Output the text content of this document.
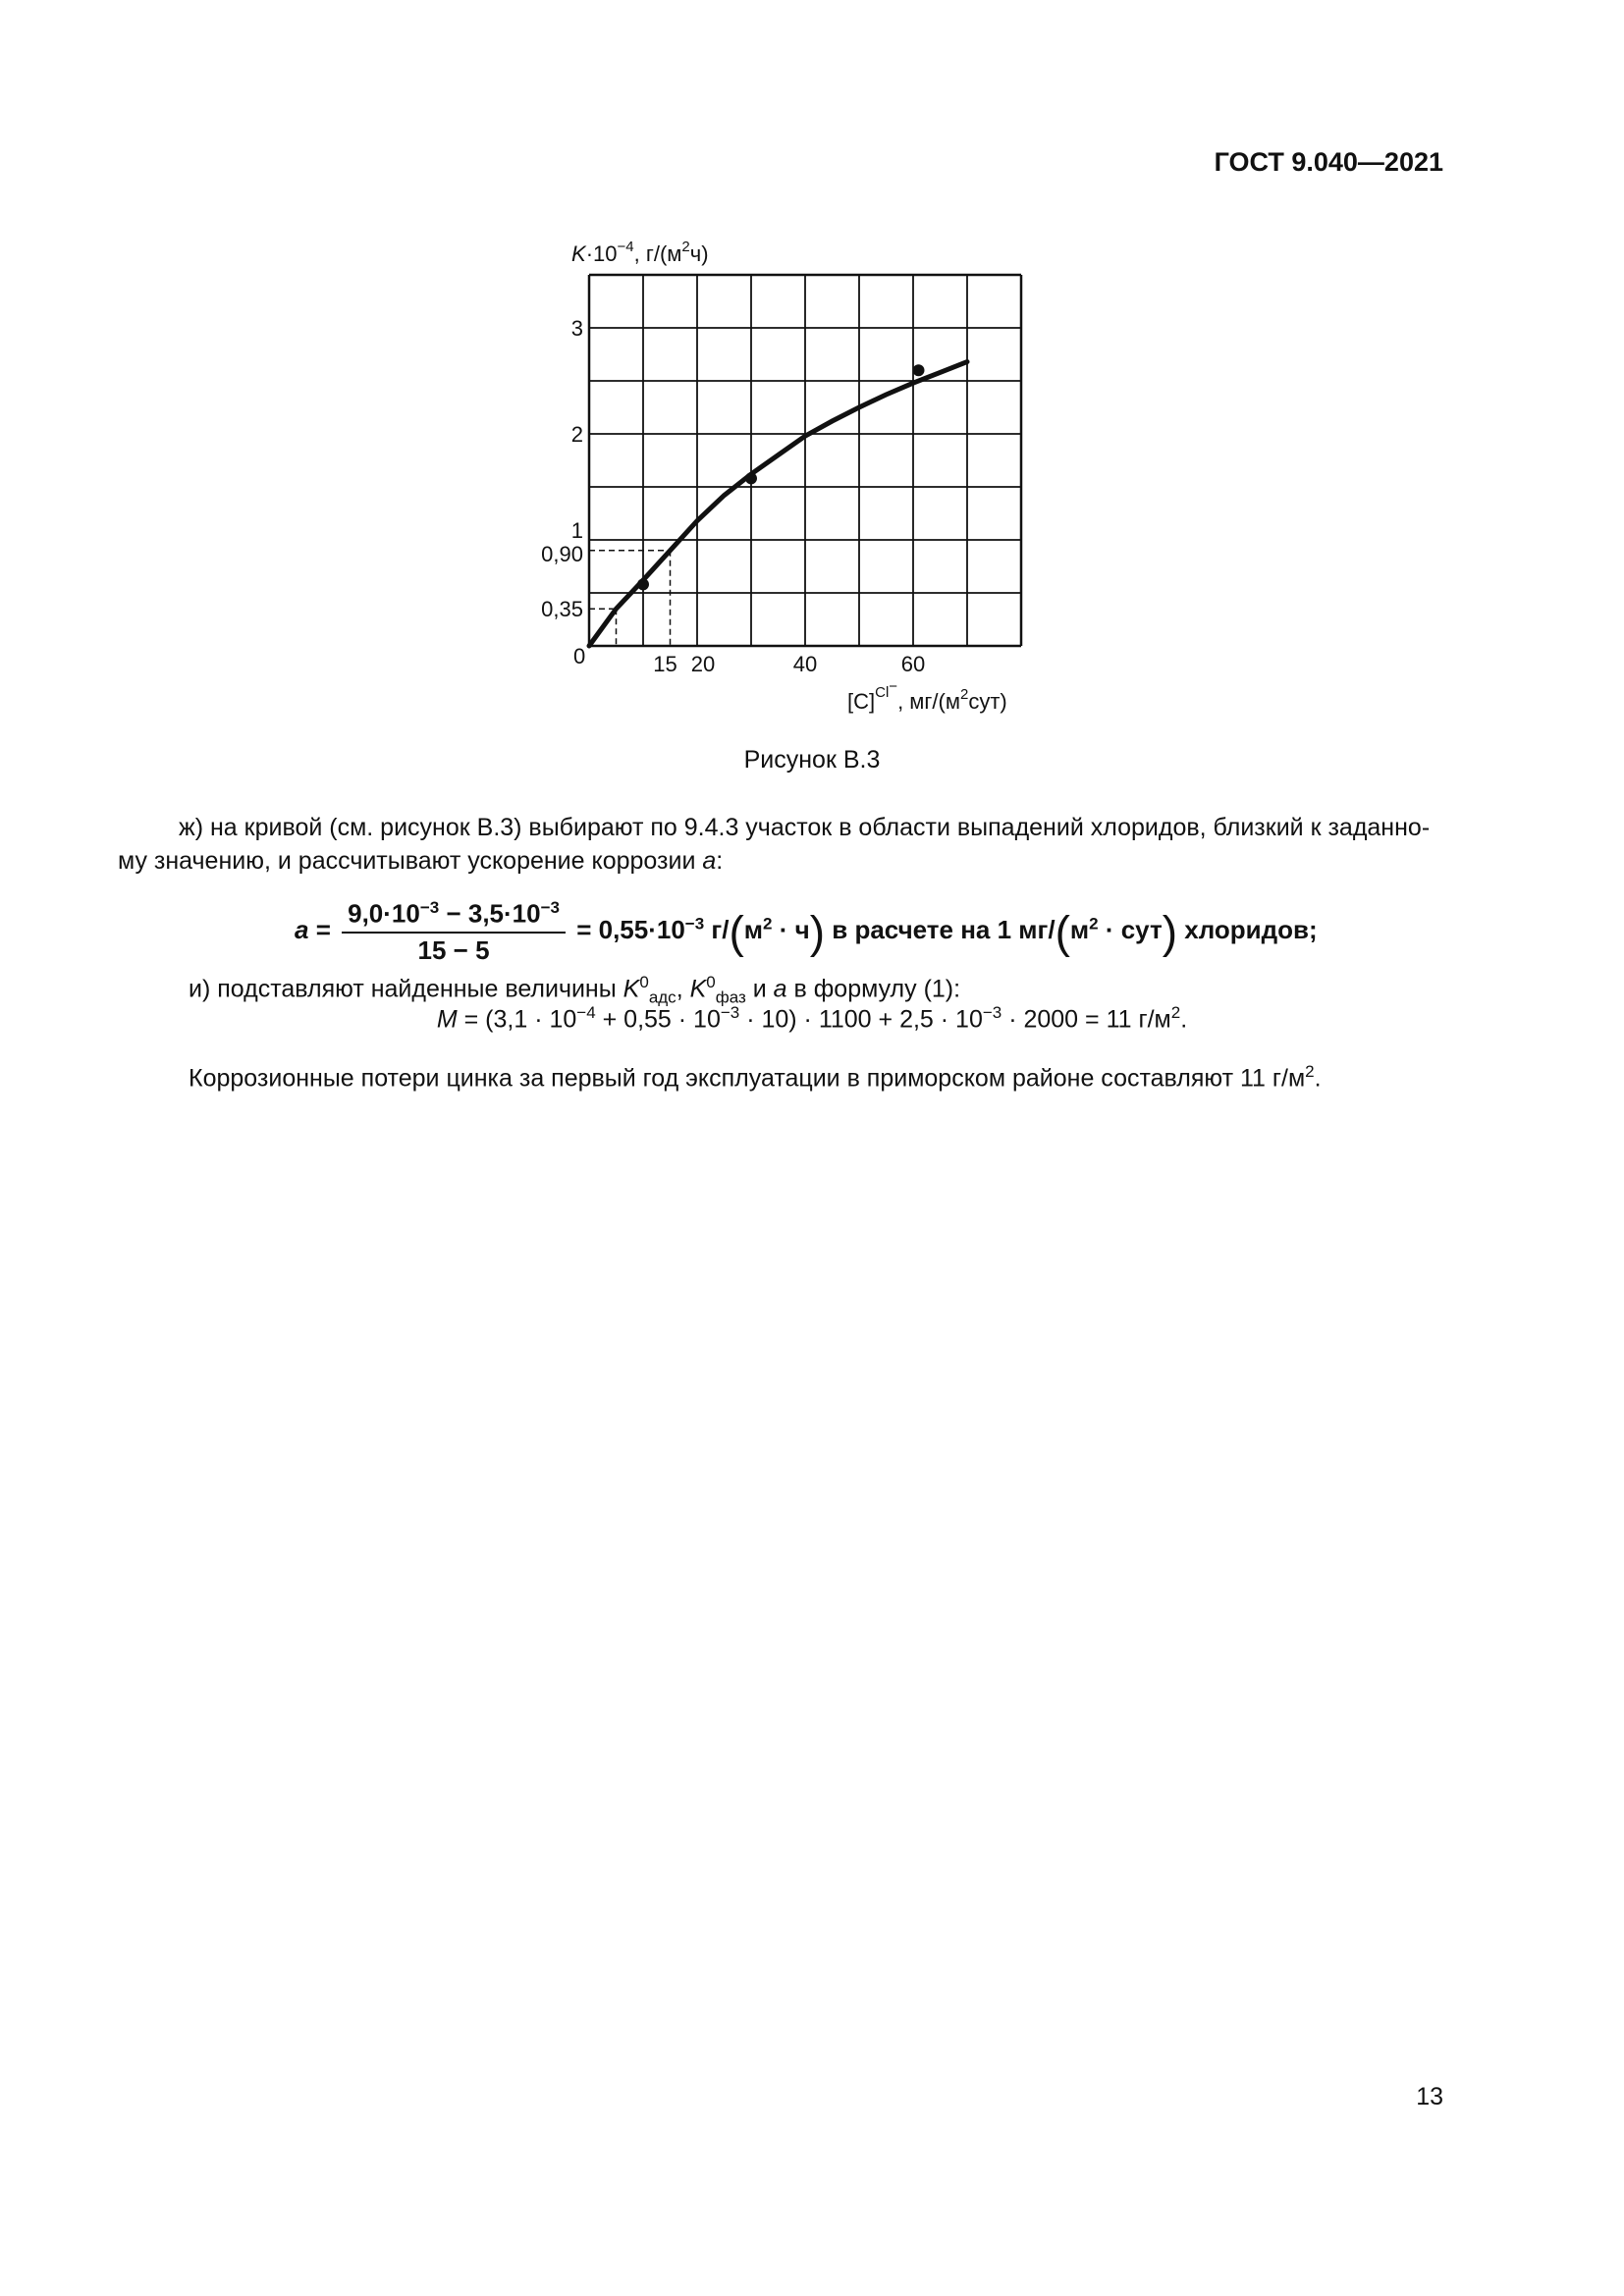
ГОСТ 9.040—2021
$K\cdot 10^{-4}$, $г/(м^2ч)$
1
2
3
0,90
0,35
15 20	40	60
0
$[C]^{Cl-}$, $мг/(м^2сут)$
Рисунок В.3
ж) на кривой (см. рисунок В.3) выбирают по 9.4.3 участок в области выпадений хлоридов, близкий к заданно-
му значению, и рассчитывают ускорение коррозии a:
$a = \frac{9,0\cdot 10^{-3} - 3,5\cdot 10^{-3}}{15 - 5} = 0,55\cdot 10^{-3}$ $г/(м^2 \cdot ч)$ в расчете на 1 $мг/(м^2 \cdot сут)$ хлоридов;
и) подставляют найденные величины $K^0_{адс}$, $K^0_{фаз}$ и a в формулу (1):
$M = (3,1 \cdot 10^{-4} + 0,55 \cdot 10^{-3} \cdot 10) \cdot 1100 + 2,5 \cdot 10^{-3} \cdot 2000 = 11$ $г/м^2$.
Коррозионные потери цинка за первый год эксплуатации в приморском районе составляют 11 $г/м^2$.
13
